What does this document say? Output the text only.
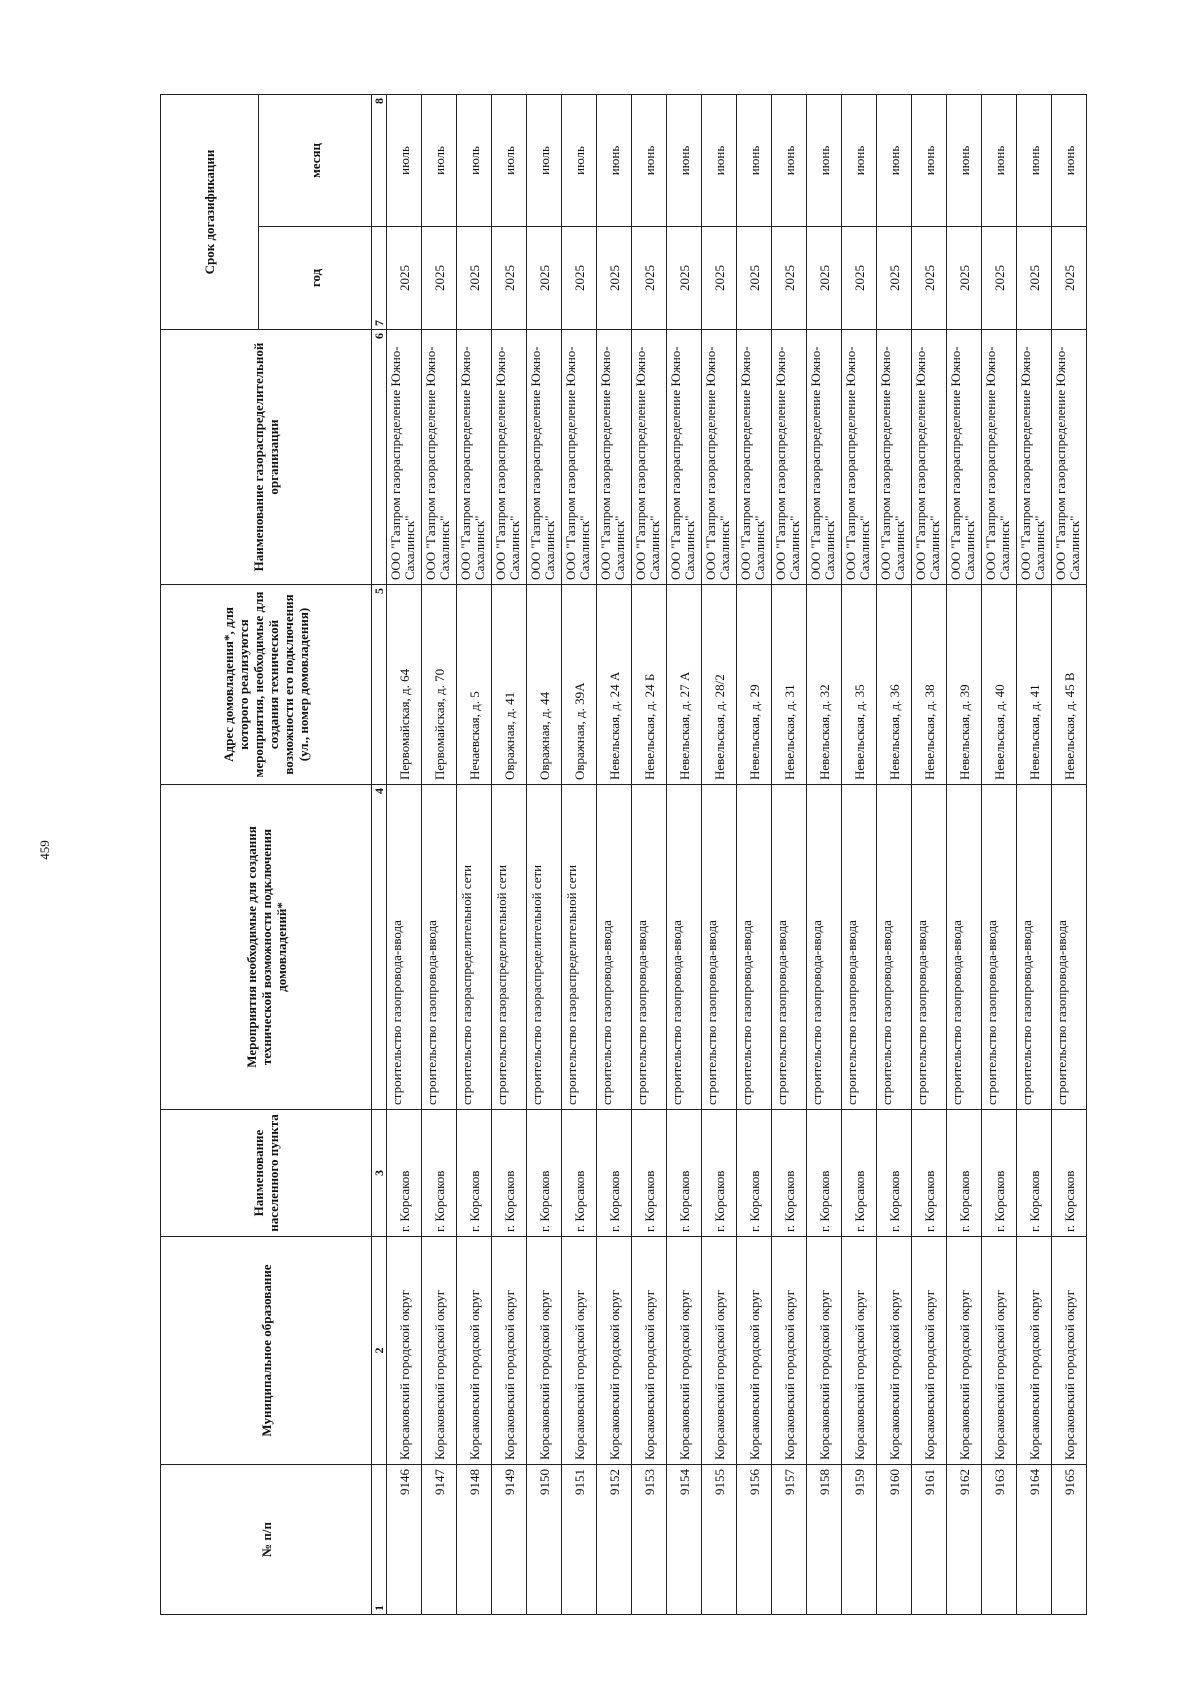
459
№ п/п	Муниципальное образование	Наименование населенного пункта	Мероприятия необходимые для создания технической возможности подключения домовладений*	Адрес домовладения*, для которого реализуются мероприятия, необходимые для создания технической возможности его подключения (ул., номер домовладения)	Наименование газораспределительной организации	Срок догазификации	
						год	месяц
1	2	3	4	5	6	7	8
9146	Корсаковский городской округ	г. Корсаков	строительство газопровода-ввода	Первомайская, д. 64	ООО "Газпром газораспределение Южно-Сахалинск"	2025	июль
9147	Корсаковский городской округ	г. Корсаков	строительство газопровода-ввода	Первомайская, д. 70	ООО "Газпром газораспределение Южно-Сахалинск"	2025	июль
9148	Корсаковский городской округ	г. Корсаков	строительство газораспределительной сети	Нечаевская, д. 5	ООО "Газпром газораспределение Южно-Сахалинск"	2025	июль
9149	Корсаковский городской округ	г. Корсаков	строительство газораспределительной сети	Овражная, д. 41	ООО "Газпром газораспределение Южно-Сахалинск"	2025	июль
9150	Корсаковский городской округ	г. Корсаков	строительство газораспределительной сети	Овражная, д. 44	ООО "Газпром газораспределение Южно-Сахалинск"	2025	июль
9151	Корсаковский городской округ	г. Корсаков	строительство газораспределительной сети	Овражная, д. 39А	ООО "Газпром газораспределение Южно-Сахалинск"	2025	июль
9152	Корсаковский городской округ	г. Корсаков	строительство газопровода-ввода	Невельская, д. 24 А	ООО "Газпром газораспределение Южно-Сахалинск"	2025	июнь
9153	Корсаковский городской округ	г. Корсаков	строительство газопровода-ввода	Невельская, д. 24 Б	ООО "Газпром газораспределение Южно-Сахалинск"	2025	июнь
9154	Корсаковский городской округ	г. Корсаков	строительство газопровода-ввода	Невельская, д. 27 А	ООО "Газпром газораспределение Южно-Сахалинск"	2025	июнь
9155	Корсаковский городской округ	г. Корсаков	строительство газопровода-ввода	Невельская, д. 28/2	ООО "Газпром газораспределение Южно-Сахалинск"	2025	июнь
9156	Корсаковский городской округ	г. Корсаков	строительство газопровода-ввода	Невельская, д. 29	ООО "Газпром газораспределение Южно-Сахалинск"	2025	июнь
9157	Корсаковский городской округ	г. Корсаков	строительство газопровода-ввода	Невельская, д. 31	ООО "Газпром газораспределение Южно-Сахалинск"	2025	июнь
9158	Корсаковский городской округ	г. Корсаков	строительство газопровода-ввода	Невельская, д. 32	ООО "Газпром газораспределение Южно-Сахалинск"	2025	июнь
9159	Корсаковский городской округ	г. Корсаков	строительство газопровода-ввода	Невельская, д. 35	ООО "Газпром газораспределение Южно-Сахалинск"	2025	июнь
9160	Корсаковский городской округ	г. Корсаков	строительство газопровода-ввода	Невельская, д. 36	ООО "Газпром газораспределение Южно-Сахалинск"	2025	июнь
9161	Корсаковский городской округ	г. Корсаков	строительство газопровода-ввода	Невельская, д. 38	ООО "Газпром газораспределение Южно-Сахалинск"	2025	июнь
9162	Корсаковский городской округ	г. Корсаков	строительство газопровода-ввода	Невельская, д. 39	ООО "Газпром газораспределение Южно-Сахалинск"	2025	июнь
9163	Корсаковский городской округ	г. Корсаков	строительство газопровода-ввода	Невельская, д. 40	ООО "Газпром газораспределение Южно-Сахалинск"	2025	июнь
9164	Корсаковский городской округ	г. Корсаков	строительство газопровода-ввода	Невельская, д. 41	ООО "Газпром газораспределение Южно-Сахалинск"	2025	июнь
9165	Корсаковский городской округ	г. Корсаков	строительство газопровода-ввода	Невельская, д. 45 В	ООО "Газпром газораспределение Южно-Сахалинск"	2025	июнь
